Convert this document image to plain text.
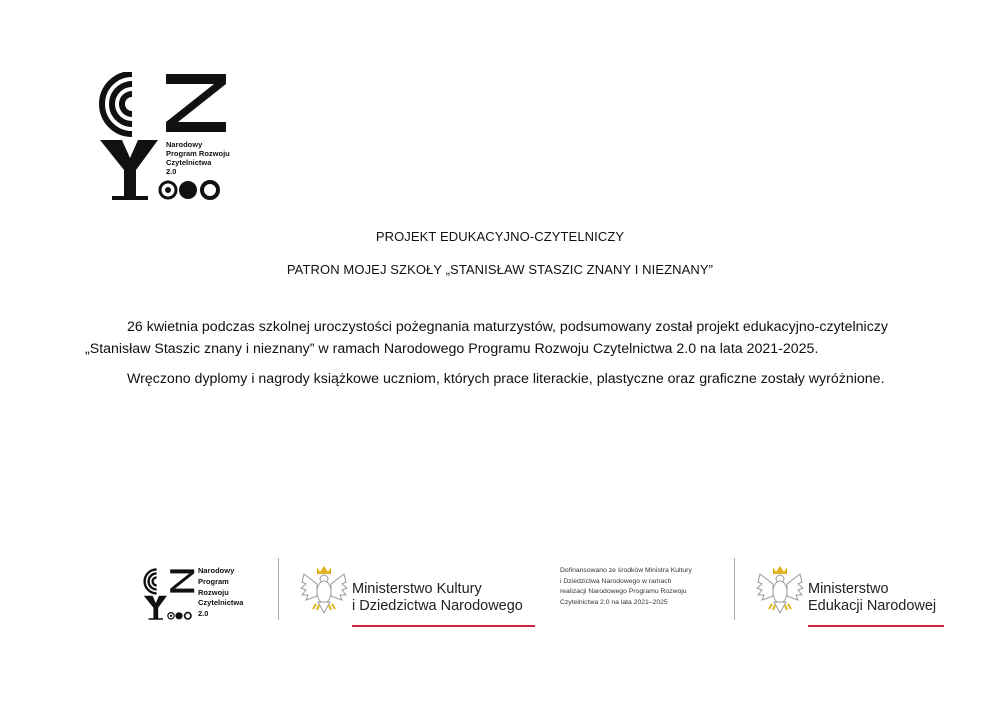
Narodowy
Program Rozwoju
Czytelnictwa
2.0
PROJEKT EDUKACYJNO-CZYTELNICZY
PATRON MOJEJ SZKOŁY „STANISŁAW STASZIC ZNANY I NIEZNANY”

26 kwietnia podczas szkolnej uroczystości pożegnania maturzystów, podsumowany został projekt edukacyjno-czytelniczy „Stanisław Staszic znany i nieznany” w ramach Narodowego Programu Rozwoju Czytelnictwa 2.0 na lata 2021-2025.

Wręczono dyplomy i nagrody książkowe uczniom, których prace literackie, plastyczne oraz graficzne zostały wyróżnione.

Narodowy
Program
Rozwoju
Czytelnictwa
2.0
Ministerstwo Kultury
i Dziedzictwa Narodowego
Dofinansowano ze środków Ministra Kultury
i Dziedzictwa Narodowego w ramach
realizacji Narodowego Programu Rozwoju
Czytelnictwa 2.0 na lata 2021–2025
Ministerstwo
Edukacji Narodowej
